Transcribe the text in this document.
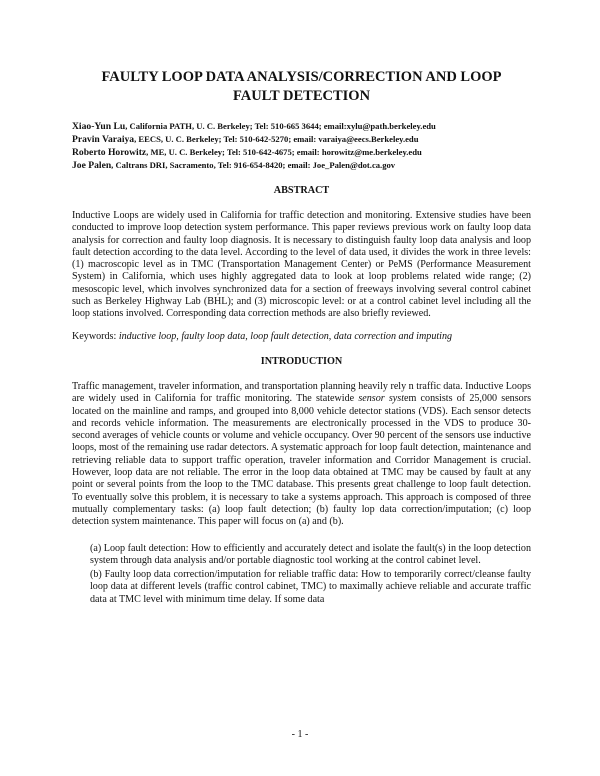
FAULTY LOOP DATA ANALYSIS/CORRECTION AND LOOP FAULT DETECTION
Xiao-Yun Lu, California PATH, U. C. Berkeley; Tel: 510-665 3644; email:xylu@path.berkeley.edu
Pravin Varaiya, EECS, U. C. Berkeley; Tel: 510-642-5270; email: varaiya@eecs.Berkeley.edu
Roberto Horowitz, ME, U. C. Berkeley; Tel: 510-642-4675; email: horowitz@me.berkeley.edu
Joe Palen, Caltrans DRI, Sacramento, Tel: 916-654-8420; email: Joe_Palen@dot.ca.gov
ABSTRACT

Inductive Loops are widely used in California for traffic detection and monitoring. Extensive studies have been conducted to improve loop detection system performance. This paper reviews previous work on faulty loop data analysis for correction and faulty loop diagnosis. It is necessary to distinguish faulty loop data analysis and loop fault detection according to the data level. According to the level of data used, it divides the work in three levels: (1) macroscopic level as in TMC (Transportation Management Center) or PeMS (Performance Measurement System) in California, which uses highly aggregated data to look at loop problems related wide range; (2) mesoscopic level, which involves synchronized data for a section of freeways involving several control cabinet such as Berkeley Highway Lab (BHL); and (3) microscopic level: or at a control cabinet level including all the loop stations involved. Corresponding data correction methods are also briefly reviewed.

Keywords: inductive loop, faulty loop data, loop fault detection, data correction and imputing

INTRODUCTION

Traffic management, traveler information, and transportation planning heavily rely n traffic data. Inductive Loops are widely used in California for traffic monitoring. The statewide sensor system consists of 25,000 sensors located on the mainline and ramps, and grouped into 8,000 vehicle detector stations (VDS). Each sensor detects and records vehicle information. The measurements are electronically processed in the VDS to produce 30-second averages of vehicle counts or volume and vehicle occupancy. Over 90 percent of the sensors use inductive loops, most of the remaining use radar detectors. A systematic approach for loop fault detection, maintenance and retrieving reliable data to support traffic operation, traveler information and Corridor Management is crucial. However, loop data are not reliable. The error in the loop data obtained at TMC may be caused by fault at any point or several points from the loop to the TMC database. This presents great challenge to loop fault detection. To eventually solve this problem, it is necessary to take a systems approach. This approach is composed of three mutually complementary tasks: (a) loop fault detection; (b) faulty lop data correction/imputation; (c) loop detection system maintenance. This paper will focus on (a) and (b).

(a) Loop fault detection: How to efficiently and accurately detect and isolate the fault(s) in the loop detection system through data analysis and/or portable diagnostic tool working at the control cabinet level.

(b) Faulty loop data correction/imputation for reliable traffic data: How to temporarily correct/cleanse faulty loop data at different levels (traffic control cabinet, TMC) to maximally achieve reliable and accurate traffic data at TMC level with minimum time delay. If some data

- 1 -
